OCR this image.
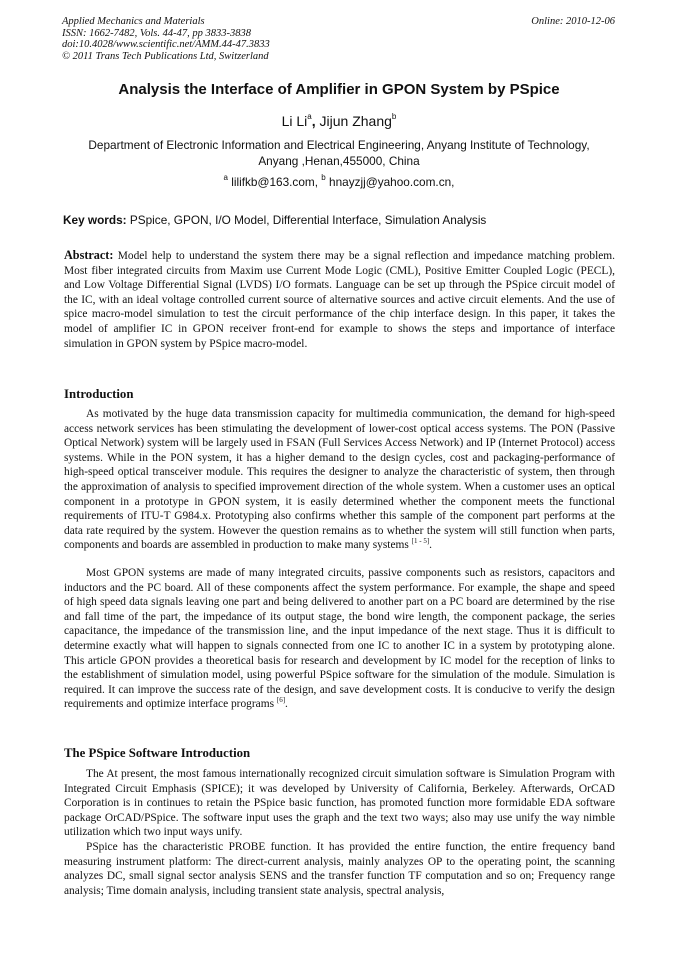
Applied Mechanics and Materials
ISSN: 1662-7482, Vols. 44-47, pp 3833-3838
doi:10.4028/www.scientific.net/AMM.44-47.3833
© 2011 Trans Tech Publications Ltd, Switzerland
Online: 2010-12-06
Analysis the Interface of Amplifier in GPON System by PSpice
Li Li$^a$, Jijun Zhang$^b$
Department of Electronic Information and Electrical Engineering, Anyang Institute of Technology,
Anyang ,Henan,455000, China
$^a$ lilifkb@163.com, $^b$ hnayzjj@yahoo.com.cn,
Key words: PSpice, GPON, I/O Model, Differential Interface, Simulation Analysis
Abstract: Model help to understand the system there may be a signal reflection and impedance matching problem. Most fiber integrated circuits from Maxim use Current Mode Logic (CML), Positive Emitter Coupled Logic (PECL), and Low Voltage Differential Signal (LVDS) I/O formats. Language can be set up through the PSpice circuit model of the IC, with an ideal voltage controlled current source of alternative sources and active circuit elements. And the use of spice macro-model simulation to test the circuit performance of the chip interface design. In this paper, it takes the model of amplifier IC in GPON receiver front-end for example to shows the steps and importance of interface simulation in GPON system by PSpice macro-model.
Introduction
As motivated by the huge data transmission capacity for multimedia communication, the demand for high-speed access network services has been stimulating the development of lower-cost optical access systems. The PON (Passive Optical Network) system will be largely used in FSAN (Full Services Access Network) and IP (Internet Protocol) access systems. While in the PON system, it has a higher demand to the design cycles, cost and packaging-performance of high-speed optical transceiver module. This requires the designer to analyze the characteristic of system, then through the approximation of analysis to specified improvement direction of the whole system. When a customer uses an optical component in a prototype in GPON system, it is easily determined whether the component meets the functional requirements of ITU-T G984.x. Prototyping also confirms whether this sample of the component part performs at the data rate required by the system. However the question remains as to whether the system will still function when parts, components and boards are assembled in production to make many systems [1 - 5].
Most GPON systems are made of many integrated circuits, passive components such as resistors, capacitors and inductors and the PC board. All of these components affect the system performance. For example, the shape and speed of high speed data signals leaving one part and being delivered to another part on a PC board are determined by the rise and fall time of the part, the impedance of its output stage, the bond wire length, the component package, the series capacitance, the impedance of the transmission line, and the input impedance of the next stage. Thus it is difficult to determine exactly what will happen to signals connected from one IC to another IC in a system by prototyping alone. This article GPON provides a theoretical basis for research and development by IC model for the reception of links to the establishment of simulation model, using powerful PSpice software for the simulation of the module. Simulation is required. It can improve the success rate of the design, and save development costs. It is conducive to verify the design requirements and optimize interface programs [6].
The PSpice Software Introduction
The At present, the most famous internationally recognized circuit simulation software is Simulation Program with Integrated Circuit Emphasis (SPICE); it was developed by University of California, Berkeley. Afterwards, OrCAD Corporation is in continues to retain the PSpice basic function, has promoted function more formidable EDA software package OrCAD/PSpice. The software input uses the graph and the text two ways; also may use unify the way nimble utilization which two input ways unify.
PSpice has the characteristic PROBE function. It has provided the entire function, the entire frequency band measuring instrument platform: The direct-current analysis, mainly analyzes OP to the operating point, the scanning analyzes DC, small signal sector analysis SENS and the transfer function TF computation and so on; Frequency range analysis; Time domain analysis, including transient state analysis, spectral analysis,
